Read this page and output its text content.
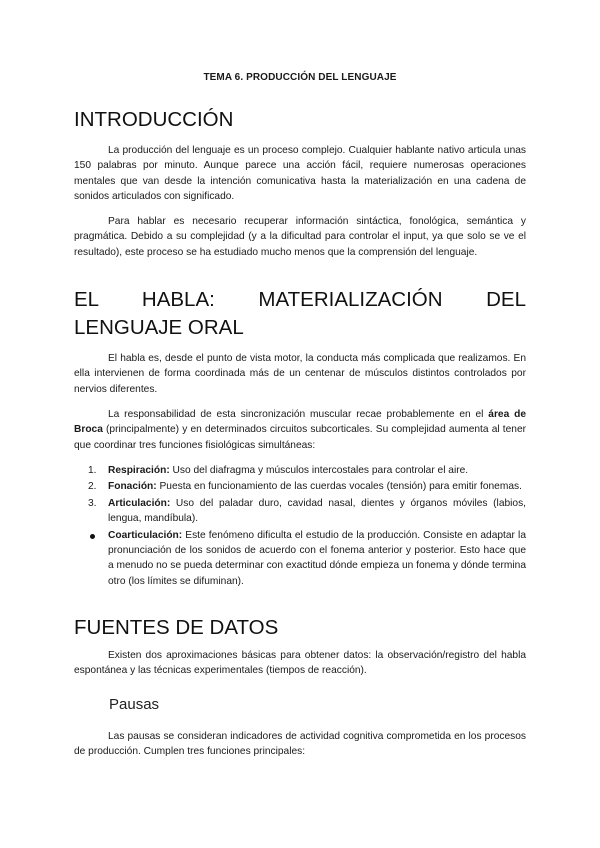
TEMA 6. PRODUCCIÓN DEL LENGUAJE
INTRODUCCIÓN

La producción del lenguaje es un proceso complejo. Cualquier hablante nativo articula unas 150 palabras por minuto. Aunque parece una acción fácil, requiere numerosas operaciones mentales que van desde la intención comunicativa hasta la materialización en una cadena de sonidos articulados con significado.

Para hablar es necesario recuperar información sintáctica, fonológica, semántica y pragmática. Debido a su complejidad (y a la dificultad para controlar el input, ya que solo se ve el resultado), este proceso se ha estudiado mucho menos que la comprensión del lenguaje.

EL HABLA: MATERIALIZACIÓN DEL
LENGUAJE ORAL

El habla es, desde el punto de vista motor, la conducta más complicada que realizamos. En ella intervienen de forma coordinada más de un centenar de músculos distintos controlados por nervios diferentes.

La responsabilidad de esta sincronización muscular recae probablemente en el área de Broca (principalmente) y en determinados circuitos subcorticales. Su complejidad aumenta al tener que coordinar tres funciones fisiológicas simultáneas:

1. Respiración: Uso del diafragma y músculos intercostales para controlar el aire.
2. Fonación: Puesta en funcionamiento de las cuerdas vocales (tensión) para emitir fonemas.
3. Articulación: Uso del paladar duro, cavidad nasal, dientes y órganos móviles (labios, lengua, mandíbula).
Coarticulación: Este fenómeno dificulta el estudio de la producción. Consiste en adaptar la pronunciación de los sonidos de acuerdo con el fonema anterior y posterior. Esto hace que a menudo no se pueda determinar con exactitud dónde empieza un fonema y dónde termina otro (los límites se difuminan).
FUENTES DE DATOS

Existen dos aproximaciones básicas para obtener datos: la observación/registro del habla espontánea y las técnicas experimentales (tiempos de reacción).

Pausas

Las pausas se consideran indicadores de actividad cognitiva comprometida en los procesos de producción. Cumplen tres funciones principales:
